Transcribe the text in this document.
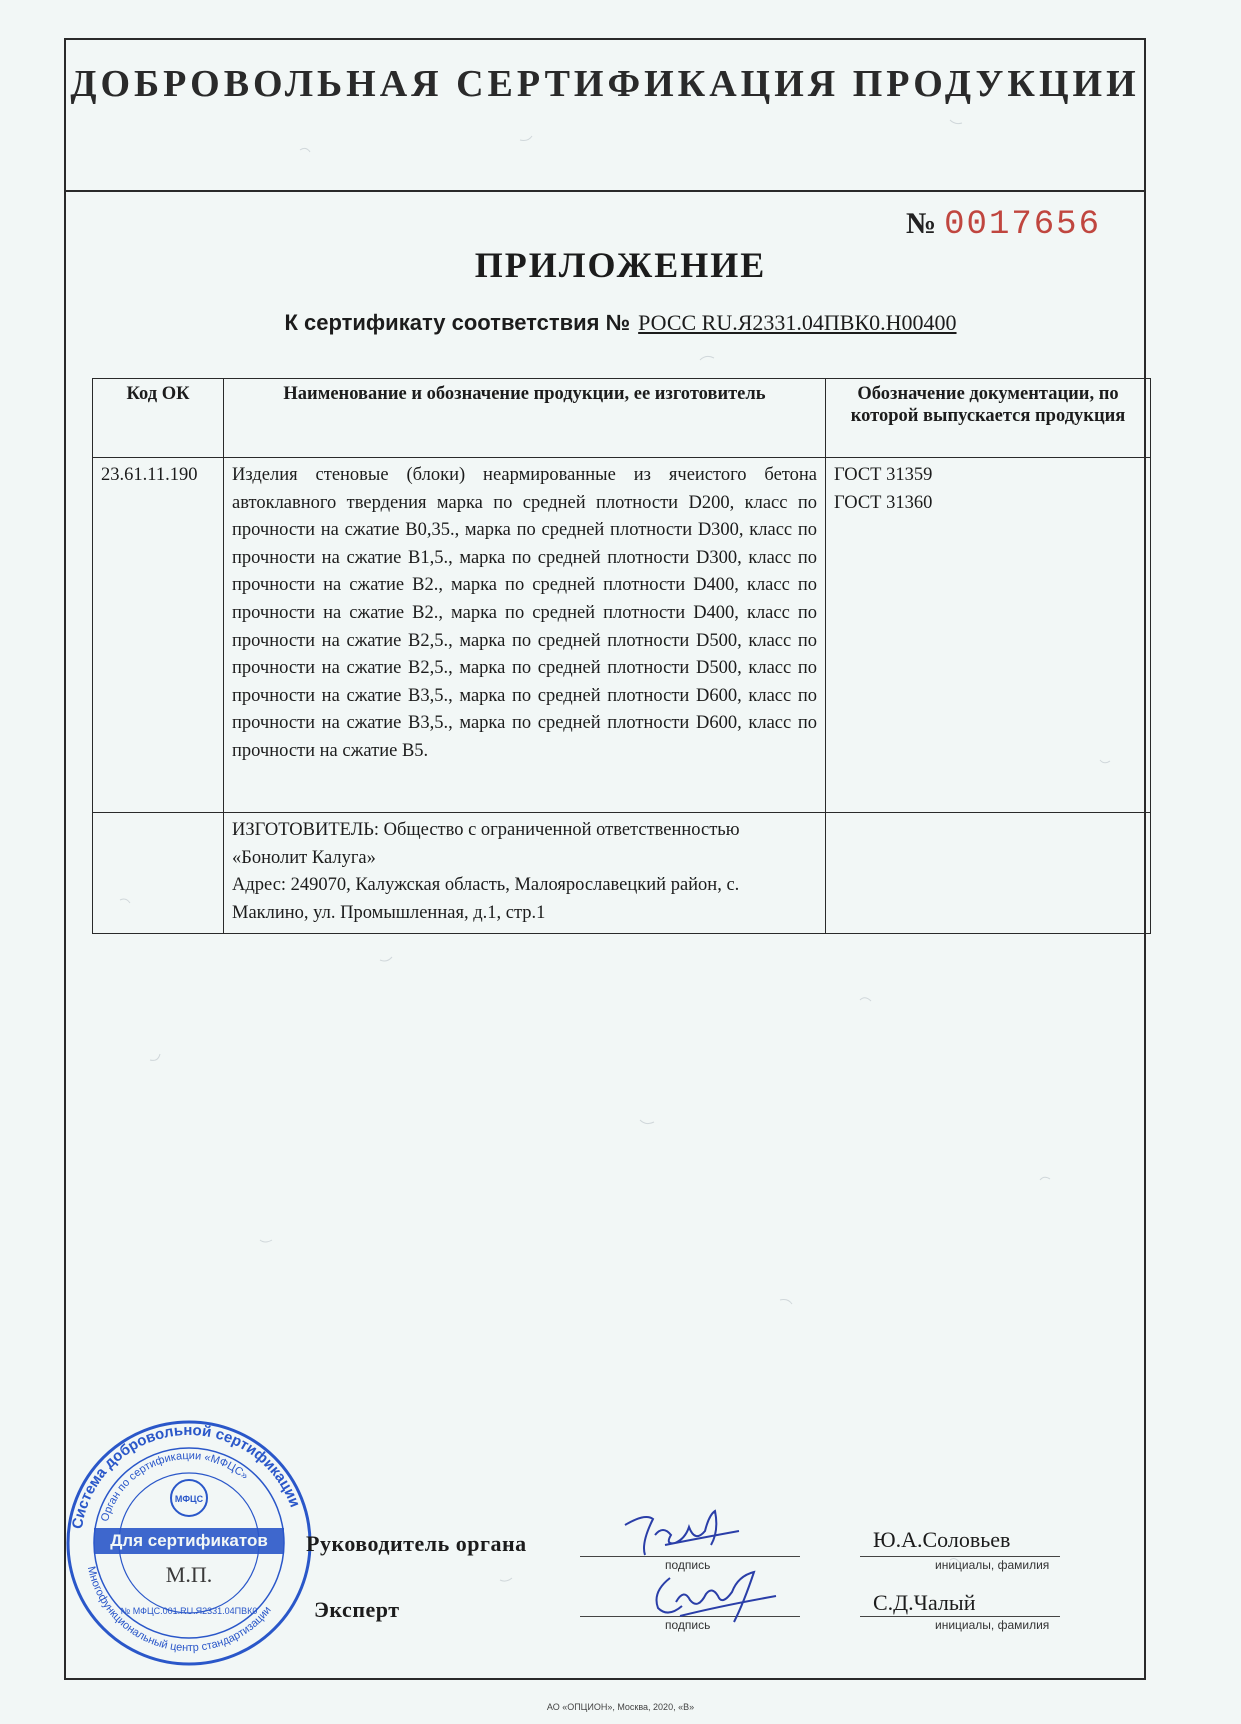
ДОБРОВОЛЬНАЯ СЕРТИФИКАЦИЯ ПРОДУКЦИИ
№ 0017656
ПРИЛОЖЕНИЕ
К сертификату соответствия № РОСС RU.Я2331.04ПВК0.Н00400
Код ОК	Наименование и обозначение продукции, ее изготовитель	Обозначение документации, по которой выпускается продукция
23.61.11.190	Изделия стеновые (блоки) неармированные из ячеистого бетона автоклавного твердения марка по средней плотности D200, класс по прочности на сжатие В0,35., марка по средней плотности D300, класс по прочности на сжатие В1,5., марка по средней плотности D300, класс по прочности на сжатие В2., марка по средней плотности D400, класс по прочности на сжатие В2., марка по средней плотности D400, класс по прочности на сжатие В2,5., марка по средней плотности D500, класс по прочности на сжатие В2,5., марка по средней плотности D500, класс по прочности на сжатие В3,5., марка по средней плотности D600, класс по прочности на сжатие В3,5., марка по средней плотности D600, класс по прочности на сжатие В5.	ГОСТ 31359
ГОСТ 31360

	ИЗГОТОВИТЕЛЬ: Общество с ограниченной ответственностью «Бонолит Калуга»
Адрес: 249070, Калужская область, Малоярославецкий район, с. Маклино, ул. Промышленная, д.1, стр.1	

Система добровольной сертификации
Орган по сертификации «МФЦС»
МФЦС
Для сертификатов
М.П.
Многофункциональный центр стандартизации
№ МФЦС.001.RU.Я2331.04ПВК0
Руководитель органа
подпись
Ю.А.Соловьев
инициалы, фамилия
Эксперт
подпись
С.Д.Чалый
инициалы, фамилия
АО «ОПЦИОН», Москва, 2020, «В»
